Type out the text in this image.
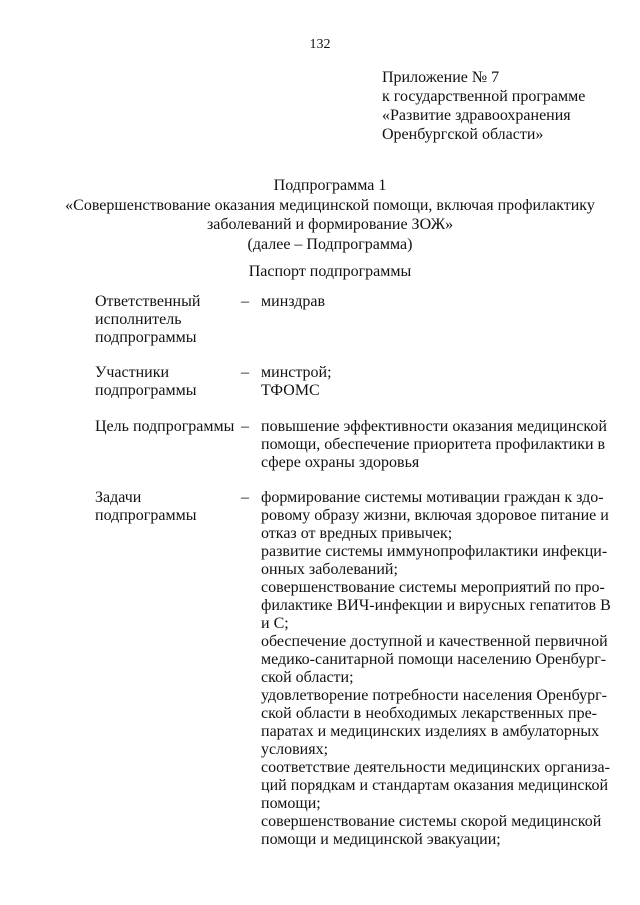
132
Приложение № 7
к государственной программе
«Развитие здравоохранения
Оренбургской области»
Подпрограмма 1
«Совершенствование оказания медицинской помощи, включая профилактику
заболеваний и формирование ЗОЖ»
(далее – Подпрограмма)
Паспорт подпрограммы
Ответственный
исполнитель
подпрограммы
– минздрав
Участники
подпрограммы
– минстрой;
ТФОМС
Цель подпрограммы – повышение эффективности оказания медицинской
помощи, обеспечение приоритета профилактики в
сфере охраны здоровья
Задачи
подпрограммы
– формирование системы мотивации граждан к здо-
ровому образу жизни, включая здоровое питание и
отказ от вредных привычек;
развитие системы иммунопрофилактики инфекци-
онных заболеваний;
совершенствование системы мероприятий по про-
филактике ВИЧ-инфекции и вирусных гепатитов B
и C;
обеспечение доступной и качественной первичной
медико-санитарной помощи населению Оренбург-
ской области;
удовлетворение потребности населения Оренбург-
ской области в необходимых лекарственных пре-
паратах и медицинских изделиях в амбулаторных
условиях;
соответствие деятельности медицинских организа-
ций порядкам и стандартам оказания медицинской
помощи;
совершенствование системы скорой медицинской
помощи и медицинской эвакуации;
